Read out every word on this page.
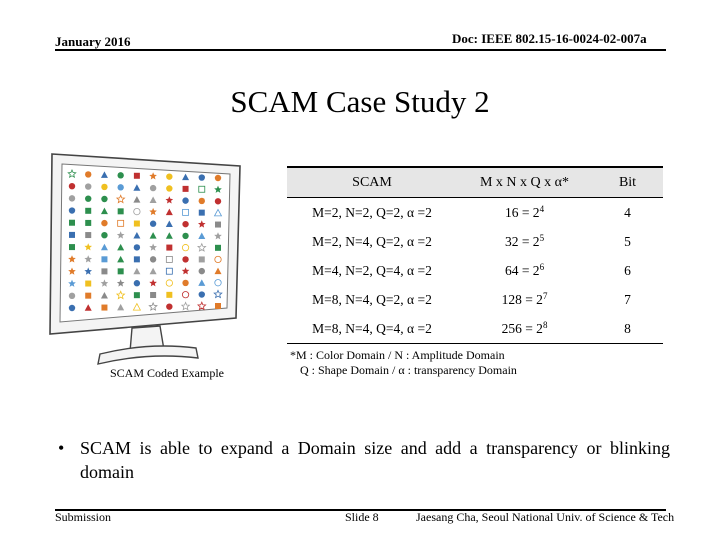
January 2016	Doc: IEEE 802.15-16-0024-02-007a
SCAM Case Study 2
SCAM Coded Example
SCAM	M x N x Q x α*	Bit
M=2, N=2, Q=2, α =2	$16 = 2^4$	4
M=2, N=4, Q=2, α =2	$32 = 2^5$	5
M=4, N=2, Q=4, α =2	$64 = 2^6$	6
M=8, N=4, Q=2, α =2	$128 = 2^7$	7
M=8, N=4, Q=4, α =2	$256 = 2^8$	8
*M : Color Domain / N : Amplitude Domain
Q : Shape Domain / α : transparency Domain
• SCAM is able to expand a Domain size and add a transparency or blinking domain
Submission	Slide 8	Jaesang Cha, Seoul National Univ. of Science & Tech
